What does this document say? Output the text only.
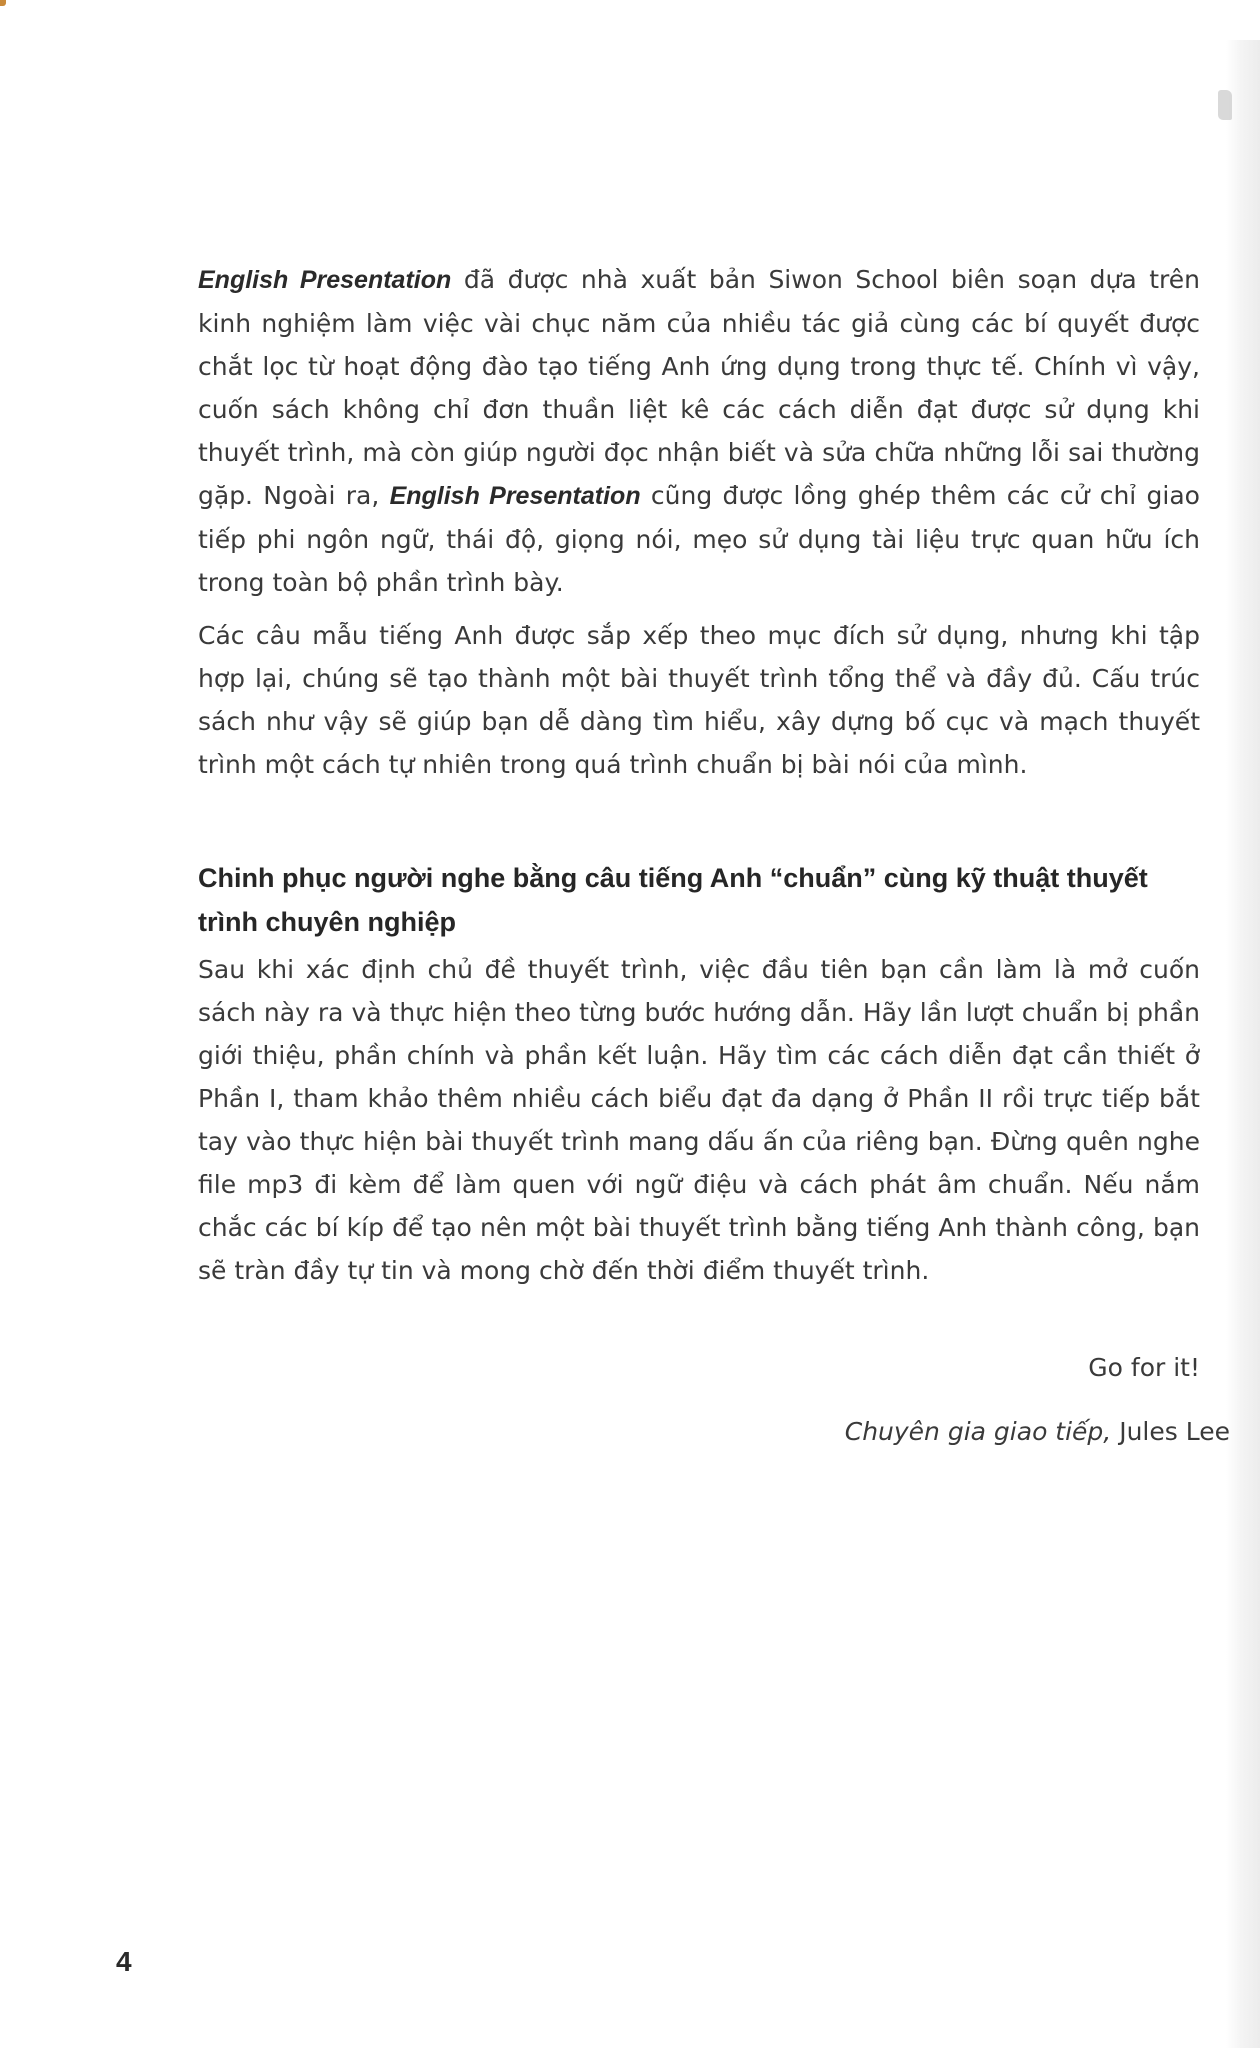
English Presentation đã được nhà xuất bản Siwon School biên soạn dựa trên kinh nghiệm làm việc vài chục năm của nhiều tác giả cùng các bí quyết được chắt lọc từ hoạt động đào tạo tiếng Anh ứng dụng trong thực tế. Chính vì vậy, cuốn sách không chỉ đơn thuần liệt kê các cách diễn đạt được sử dụng khi thuyết trình, mà còn giúp người đọc nhận biết và sửa chữa những lỗi sai thường gặp. Ngoài ra, English Presentation cũng được lồng ghép thêm các cử chỉ giao tiếp phi ngôn ngữ, thái độ, giọng nói, mẹo sử dụng tài liệu trực quan hữu ích trong toàn bộ phần trình bày.

Các câu mẫu tiếng Anh được sắp xếp theo mục đích sử dụng, nhưng khi tập hợp lại, chúng sẽ tạo thành một bài thuyết trình tổng thể và đầy đủ. Cấu trúc sách như vậy sẽ giúp bạn dễ dàng tìm hiểu, xây dựng bố cục và mạch thuyết trình một cách tự nhiên trong quá trình chuẩn bị bài nói của mình.

Chinh phục người nghe bằng câu tiếng Anh “chuẩn” cùng kỹ thuật thuyết trình chuyên nghiệp

Sau khi xác định chủ đề thuyết trình, việc đầu tiên bạn cần làm là mở cuốn sách này ra và thực hiện theo từng bước hướng dẫn. Hãy lần lượt chuẩn bị phần giới thiệu, phần chính và phần kết luận. Hãy tìm các cách diễn đạt cần thiết ở Phần I, tham khảo thêm nhiều cách biểu đạt đa dạng ở Phần II rồi trực tiếp bắt tay vào thực hiện bài thuyết trình mang dấu ấn của riêng bạn. Đừng quên nghe file mp3 đi kèm để làm quen với ngữ điệu và cách phát âm chuẩn. Nếu nắm chắc các bí kíp để tạo nên một bài thuyết trình bằng tiếng Anh thành công, bạn sẽ tràn đầy tự tin và mong chờ đến thời điểm thuyết trình.

Go for it!
Chuyên gia giao tiếp, Jules Lee
4
